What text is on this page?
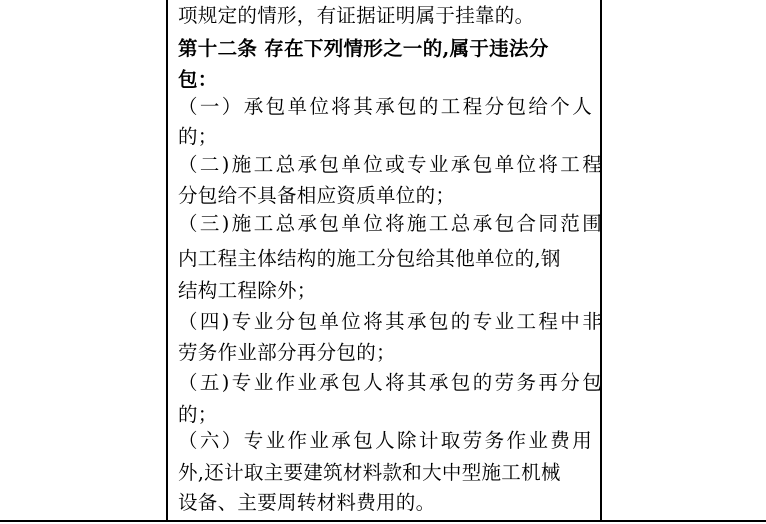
项规定的情形，有证据证明属于挂靠的。
第十二条 存在下列情形之一的,属于违法分
包：
（一）承包单位将其承包的工程分包给个人
的；
（二)施工总承包单位或专业承包单位将工程
分包给不具备相应资质单位的；
（三)施工总承包单位将施工总承包合同范围
内工程主体结构的施工分包给其他单位的,钢
结构工程除外；
（四)专业分包单位将其承包的专业工程中非
劳务作业部分再分包的；
（五)专业作业承包人将其承包的劳务再分包
的；
（六）专业作业承包人除计取劳务作业费用
外,还计取主要建筑材料款和大中型施工机械
设备、主要周转材料费用的。
